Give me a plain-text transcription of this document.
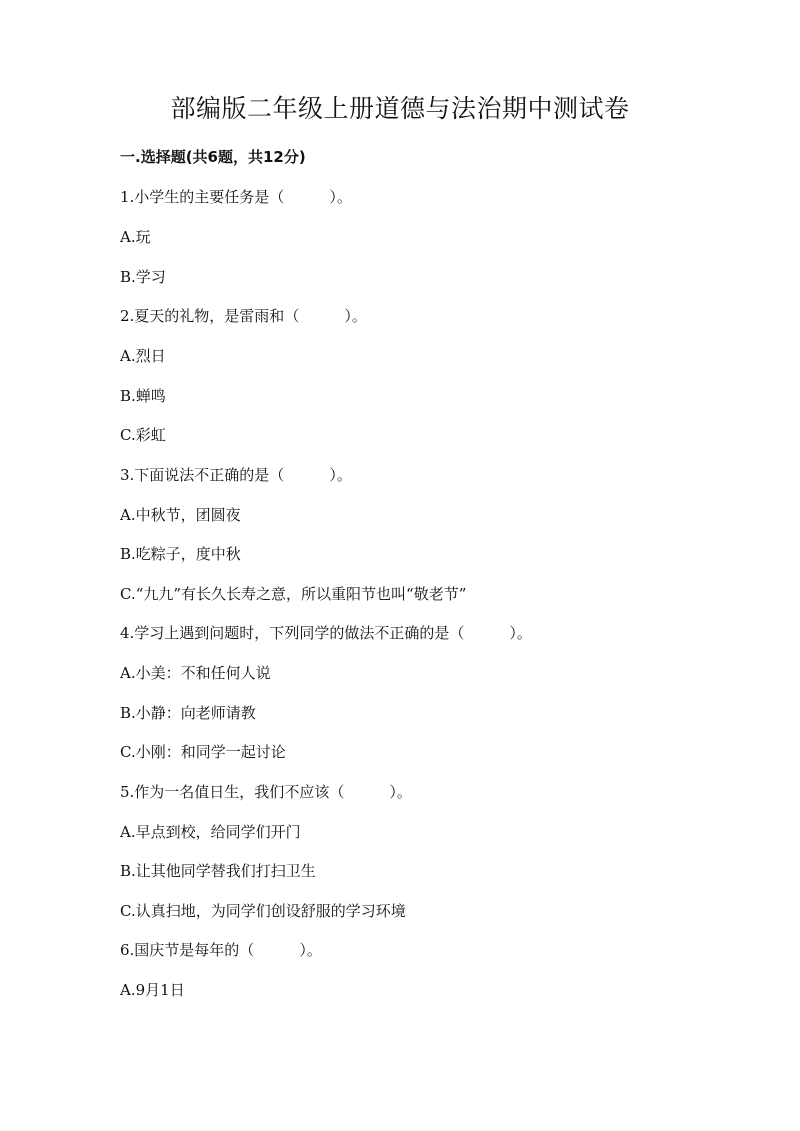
部编版二年级上册道德与法治期中测试卷
一.选择题(共6题，共12分)
1.小学生的主要任务是（　　　）。
A.玩
B.学习
2.夏天的礼物，是雷雨和（　　　）。
A.烈日
B.蝉鸣
C.彩虹
3.下面说法不正确的是（　　　）。
A.中秋节，团圆夜
B.吃粽子，度中秋
C.“九九”有长久长寿之意，所以重阳节也叫“敬老节”
4.学习上遇到问题时，下列同学的做法不正确的是（　　　）。
A.小美：不和任何人说
B.小静：向老师请教
C.小刚：和同学一起讨论
5.作为一名值日生，我们不应该（　　　）。
A.早点到校，给同学们开门
B.让其他同学替我们打扫卫生
C.认真扫地，为同学们创设舒服的学习环境
6.国庆节是每年的（　　　）。
A.9月1日
